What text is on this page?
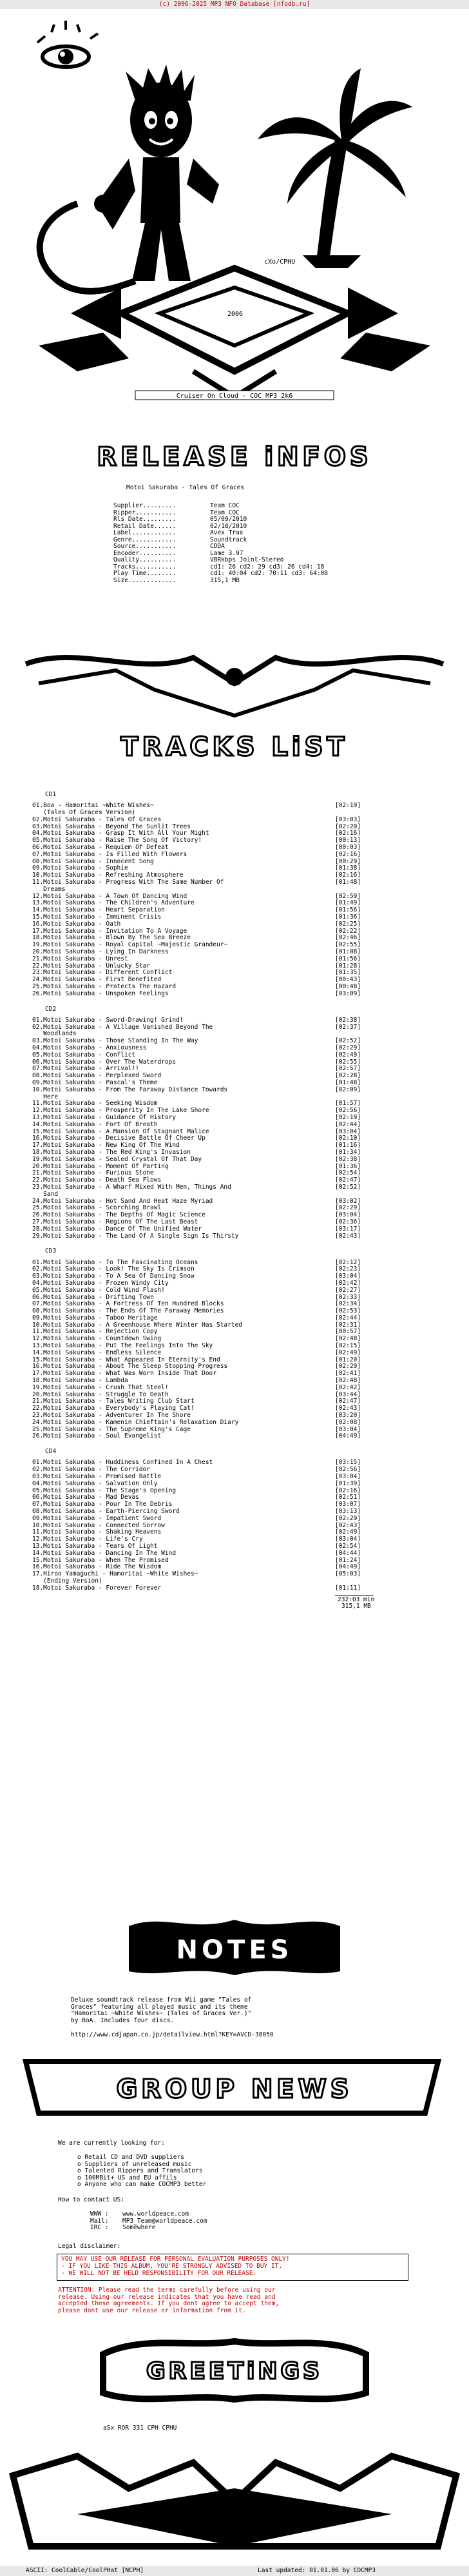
(c) 2006-2025 MP3 NFO Database [nfodb.ru]
cXo/CPHU
2006
Cruiser On Cloud - COC MP3 2k6
RELEASE iNFOS
Motoi Sakuraba - Tales Of Graces
Supplier.........	Team COC
Ripper...........	Team COC
Rls Date.........	05/09/2010
Retail Date......	02/18/2010
Label............	Avex Trax
Genre............	Soundtrack
Source...........	CDDA
Encoder..........	Lame 3.97
Quality..........	VBRkbps Joint-Stereo
Tracks...........	cd1: 26 cd2: 29 cd3: 26 cd4: 18
Play Time........	cd1: 40:04 cd2: 70:11 cd3: 64:08
Size.............	315,1 MB
TRACKS LiST
CD1
01.Boa - Hamoritai ~White Wishes~	[02:19]
(Tales Of Graces Version)
02.Motoi Sakuraba - Tales Of Graces	[03:03]
03.Motoi Sakuraba - Beyond The Sunlit Trees	[02:20]
04.Motoi Sakuraba - Grasp It With All Your Might	[02:16]
05.Motoi Sakuraba - Raise The Song Of Victory!	[00:13]
06.Motoi Sakuraba - Requiem Of Defeat	[00:03]
07.Motoi Sakuraba - Is Filled With Flowers	[02:16]
08.Motoi Sakuraba - Innocent Song	[00:29]
09.Motoi Sakuraba - Sophie	[01:38]
10.Motoi Sakuraba - Refreshing Atmosphere	[02:16]
11.Motoi Sakuraba - Progress With The Same Number Of	[01:48]
Dreams
12.Motoi Sakuraba - A Town Of Dancing Wind	[02:59]
13.Motoi Sakuraba - The Children's Adventure	[01:49]
14.Motoi Sakuraba - Heart Separation	[01:56]
15.Motoi Sakuraba - Imminent Crisis	[01:36]
16.Motoi Sakuraba - Oath	[02:25]
17.Motoi Sakuraba - Invitation To A Voyage	[02:22]
18.Motoi Sakuraba - Blown By The Sea Breeze	[02:46]
19.Motoi Sakuraba - Royal Capital ~Majestic Grandeur~	[02:55]
20.Motoi Sakuraba - Lying In Darkness	[01:08]
21.Motoi Sakuraba - Unrest	[01:56]
22.Motoi Sakuraba - Unlucky Star	[01:28]
23.Motoi Sakuraba - Different Conflict	[01:35]
24.Motoi Sakuraba - First Benefited	[00:43]
25.Motoi Sakuraba - Protects The Hazard	[00:48]
26.Motoi Sakuraba - Unspoken Feelings	[03:09]
CD2
01.Motoi Sakuraba - Sword-Drawing! Grind!	[02:38]
02.Motoi Sakuraba - A Village Vanished Beyond The	[02:37]
Woodlands
03.Motoi Sakuraba - Those Standing In The Way	[02:52]
04.Motoi Sakuraba - Anxiousness	[02:29]
05.Motoi Sakuraba - Conflict	[02:49]
06.Motoi Sakuraba - Over The Waterdrops	[02:55]
07.Motoi Sakuraba - Arrival!!	[02:57]
08.Motoi Sakuraba - Perplexed Sword	[02:28]
09.Motoi Sakuraba - Pascal's Theme	[01:48]
10.Motoi Sakuraba - From The Faraway Distance Towards	[02:09]
Here
11.Motoi Sakuraba - Seeking Wisdom	[01:57]
12.Motoi Sakuraba - Prosperity In The Lake Shore	[02:56]
13.Motoi Sakuraba - Guidance Of History	[02:19]
14.Motoi Sakuraba - Fort Of Breath	[02:44]
15.Motoi Sakuraba - A Mansion Of Stagnant Malice	[03:04]
16.Motoi Sakuraba - Decisive Battle Of Cheer Up	[02:10]
17.Motoi Sakuraba - New King Of The Wind	[01:16]
18.Motoi Sakuraba - The Red King's Invasion	[01:34]
19.Motoi Sakuraba - Sealed Crystal Of That Day	[02:38]
20.Motoi Sakuraba - Moment Of Parting	[01:36]
21.Motoi Sakuraba - Furious Stone	[02:54]
22.Motoi Sakuraba - Death Sea Flows	[02:47]
23.Motoi Sakuraba - A Wharf Mixed With Men, Things And	[02:52]
Sand
24.Motoi Sakuraba - Hot Sand And Heat Haze Myriad	[03:02]
25.Motoi Sakuraba - Scorching Brawl	[02:29]
26.Motoi Sakuraba - The Depths Of Magic Science	[03:04]
27.Motoi Sakuraba - Regions Of The Last Beast	[02:36]
28.Motoi Sakuraba - Dance Of The Unified Water	[03:17]
29.Motoi Sakuraba - The Land Of A Single Sign Is Thirsty	[02:43]
CD3
01.Motoi Sakuraba - To The Fascinating Oceans	[02:12]
02.Motoi Sakuraba - Look! The Sky Is Crimson	[02:23]
03.Motoi Sakuraba - To A Sea Of Dancing Snow	[03:04]
04.Motoi Sakuraba - Frozen Windy City	[02:42]
05.Motoi Sakuraba - Cold Wind Flash!	[02:27]
06.Motoi Sakuraba - Drifting Town	[02:33]
07.Motoi Sakuraba - A Fortress Of Ten Hundred Blocks	[02:34]
08.Motoi Sakuraba - The Ends Of The Faraway Memories	[02:53]
09.Motoi Sakuraba - Taboo Heritage	[02:44]
10.Motoi Sakuraba - A Greenhouse Where Winter Has Started	[02:31]
11.Motoi Sakuraba - Rejection Copy	[00:57]
12.Motoi Sakuraba - Countdown Swing	[02:48]
13.Motoi Sakuraba - Put The Feelings Into The Sky	[02:15]
14.Motoi Sakuraba - Endless Silence	[02:49]
15.Motoi Sakuraba - What Appeared In Eternity's End	[01:20]
16.Motoi Sakuraba - About The Sleep Stopping Progress	[02:29]
17.Motoi Sakuraba - What Was Worn Inside That Door	[02:41]
18.Motoi Sakuraba - Lambda	[02:48]
19.Motoi Sakuraba - Crush That Steel!	[02:42]
20.Motoi Sakuraba - Struggle To Death	[03:44]
21.Motoi Sakuraba - Tales Writing Club Start	[02:47]
22.Motoi Sakuraba - Everybody's Playing Cat!	[02:43]
23.Motoi Sakuraba - Adventurer In The Shore	[03:20]
24.Motoi Sakuraba - Kamenin Chieftain's Relaxation Diary	[02:08]
25.Motoi Sakuraba - The Supreme King's Cage	[03:04]
26.Motoi Sakuraba - Soul Evangelist	[04:49]
CD4
01.Motoi Sakuraba - Huddiness Confined In A Chest	[03:15]
02.Motoi Sakuraba - The Corridor	[02:56]
03.Motoi Sakuraba - Promised Battle	[03:04]
04.Motoi Sakuraba - Salvation Only	[01:39]
05.Motoi Sakuraba - The Stage's Opening	[02:16]
06.Motoi Sakuraba - Mad Devas	[02:51]
07.Motoi Sakuraba - Pour In The Debris	[03:07]
08.Motoi Sakuraba - Earth-Piercing Sword	[03:13]
09.Motoi Sakuraba - Impatient Sword	[02:29]
10.Motoi Sakuraba - Connected Sorrow	[02:43]
11.Motoi Sakuraba - Shaking Heavens	[02:49]
12.Motoi Sakuraba - Life's Cry	[03:04]
13.Motoi Sakuraba - Tears Of Light	[02:54]
14.Motoi Sakuraba - Dancing In The Wind	[04:44]
15.Motoi Sakuraba - When The Promised	[01:24]
16.Motoi Sakuraba - Ride The Wisdom	[04:49]
17.Hiroo Yamaguchi - Hamoritai ~White Wishes~	[05:03]
(Ending Version)
18.Motoi Sakuraba - Forever Forever	[01:11]
232:03 min
315,1 MB
NOTES
Deluxe soundtrack release from Wii game "Tales of
Graces" featuring all played music and its theme
"Hamoritai ~White Wishes~ (Tales of Graces Ver.)"
by BoA. Includes four discs.
http://www.cdjapan.co.jp/detailview.html?KEY=AVCD-38050
GROUP NEWS
We are currently looking for:
o Retail CD and DVD suppliers
o Suppliers of unreleased music
o Talented Rippers and Translators
o 100MBit+ US and EU affils
o Anyone who can make COCMP3 better
How to contact US:
WWW : www.worldpeace.com
Mail: MP3_Team@worldpeace.com
IRC : Somewhere
Legal disclaimer:
YOU MAY USE OUR RELEASE FOR PERSONAL EVALUATION PURPOSES ONLY!
- IF YOU LIKE THIS ALBUM, YOU'RE STRONGLY ADVISED TO BUY IT.
- WE WILL NOT BE HELD RESPONSIBILITY FOR OUR RELEASE.
ATTENTION: Please read the terms carefully before using our
release. Using our release indicates that you have read and
accepted these agreements. If you dont agree to accept them,
please dont use our release or information from it.
GREETiNGS
aSx ROR 331 CPH CPHU
ASCII: CoolCable/CoolPHat [NCPH]	Last updated: 01.01.06 by COCMP3
